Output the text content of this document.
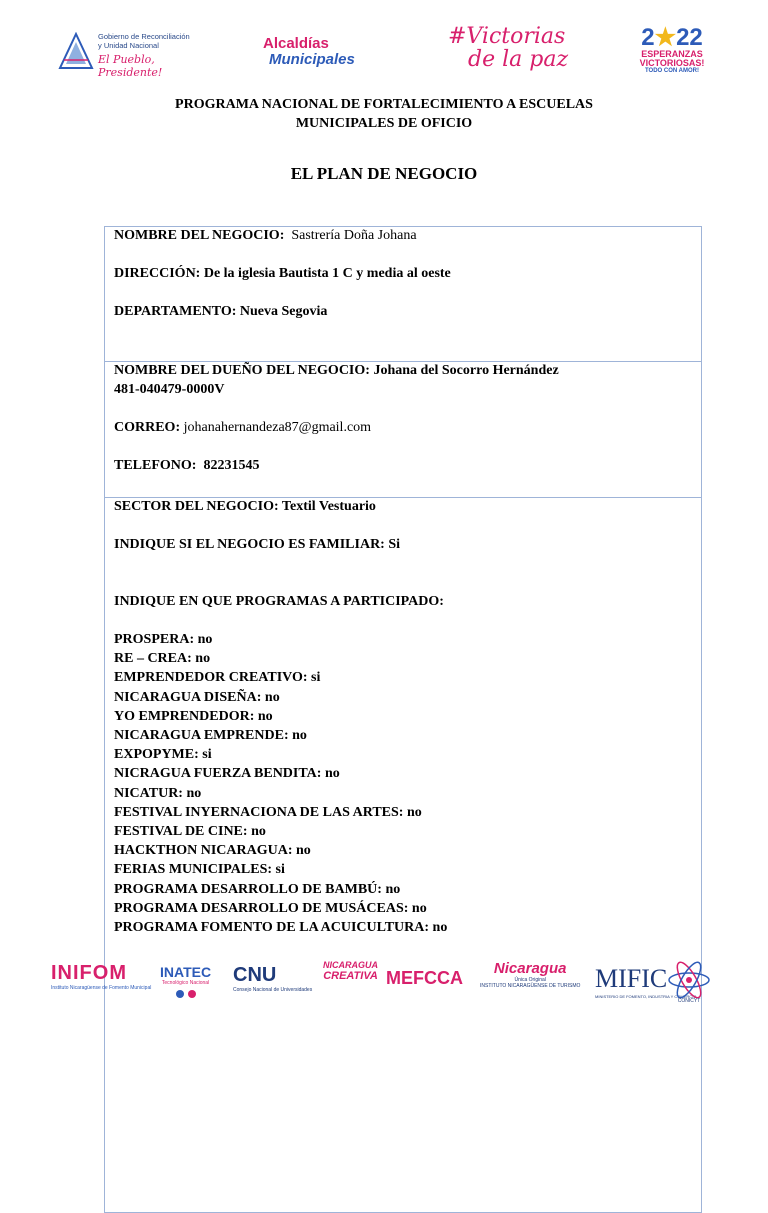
Gobierno de Reconciliación
y Unidad Nacional
El Pueblo, Presidente!
Alcaldías
Municipales
#Victorias
de la paz
2★22
ESPERANZAS
VICTORIOSAS!
TODO CON AMOR!
PROGRAMA NACIONAL DE FORTALECIMIENTO A ESCUELAS
MUNICIPALES DE OFICIO
EL PLAN DE NEGOCIO
NOMBRE DEL NEGOCIO: Sastrería Doña Johana
DIRECCIÓN: De la iglesia Bautista 1 C y media al oeste
DEPARTAMENTO: Nueva Segovia
NOMBRE DEL DUEÑO DEL NEGOCIO: Johana del Socorro Hernández
481-040479-0000V
CORREO: johanahernandeza87@gmail.com
TELEFONO: 82231545
SECTOR DEL NEGOCIO: Textil Vestuario
INDIQUE SI EL NEGOCIO ES FAMILIAR: Si
INDIQUE EN QUE PROGRAMAS A PARTICIPADO:
PROSPERA: no
RE – CREA: no
EMPRENDEDOR CREATIVO: si
NICARAGUA DISEÑA: no
YO EMPRENDEDOR: no
NICARAGUA EMPRENDE: no
EXPOPYME: si
NICRAGUA FUERZA BENDITA: no
NICATUR: no
FESTIVAL INYERNACIONA DE LAS ARTES: no
FESTIVAL DE CINE: no
HACKTHON NICARAGUA: no
FERIAS MUNICIPALES: si
PROGRAMA DESARROLLO DE BAMBÚ: no
PROGRAMA DESARROLLO DE MUSÁCEAS: no
PROGRAMA FOMENTO DE LA ACUICULTURA: no
INIFOM
Instituto Nicaragüense de Fomento Municipal
INATEC
Tecnológico Nacional CNU
Consejo Nacional de Universidades
NICARAGUA
CREATIVA MEFCCA	Nicaragua
Única Original
INSTITUTO NICARAGÜENSE DE TURISMO MIFIC
MINISTERIO DE FOMENTO, INDUSTRIA Y COMERCIO
CONICYT
